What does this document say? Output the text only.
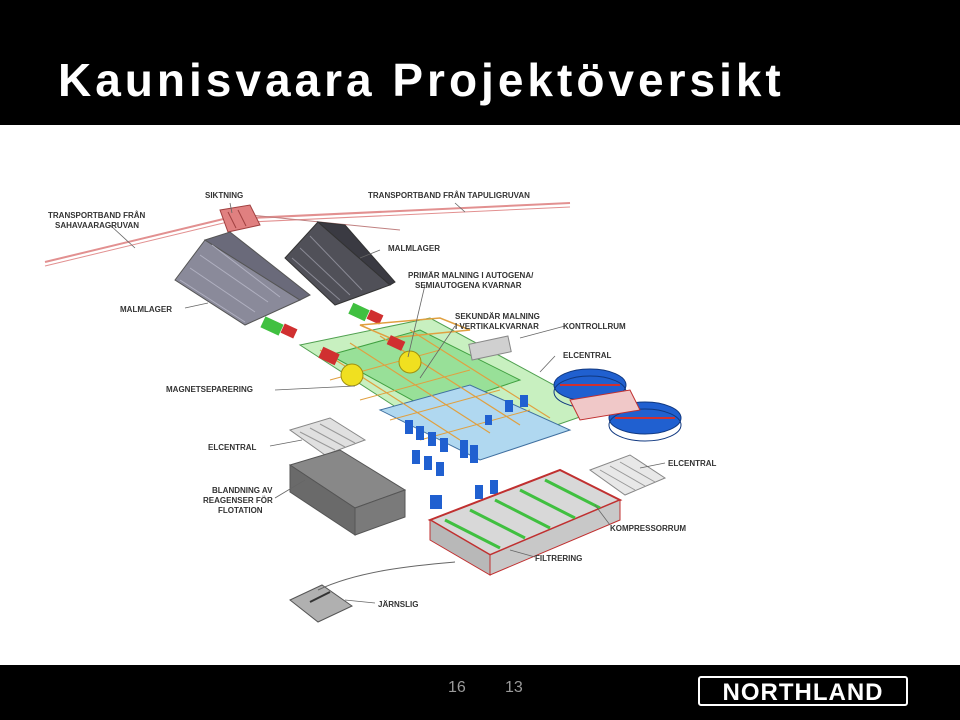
Kaunisvaara Projektöversikt
SIKTNING	TRANSPORTBAND FRÅN TAPULIGRUVAN
TRANSPORTBAND FRÅN
SAHAVAARAGRUVAN
MALMLAGER
PRIMÄR MALNING I AUTOGENA/
SEMIAUTOGENA KVARNAR
MALMLAGER
SEKUNDÄR MALNING
I VERTIKALKVARNAR	KONTROLLRUM
ELCENTRAL
MAGNETSEPARERING
ELCENTRAL
ELCENTRAL
BLANDNING AV
REAGENSER FÖR
FLOTATION
KOMPRESSORRUM
FILTRERING
JÄRNSLIG
16 13	NORTHLAND
